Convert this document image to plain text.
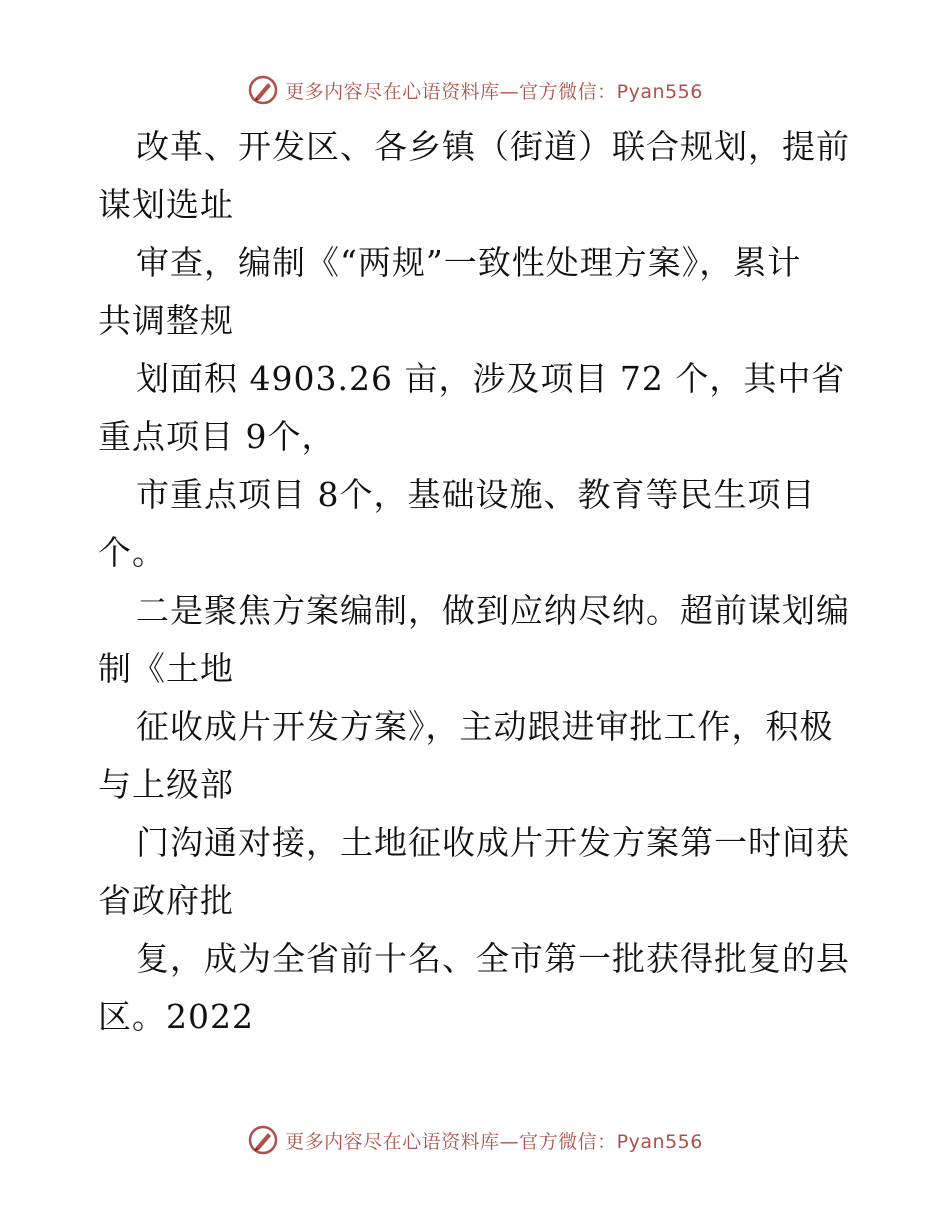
更多内容尽在心语资料库—官方微信：Pyan556
改革、开发区、各乡镇（街道）联合规划，提前
谋划选址
审查，编制《“两规”一致性处理方案》，累计
共调整规
划面积 4903.26 亩，涉及项目 72 个，其中省
重点项目 9个，
市重点项目 8个，基础设施、教育等民生项目
个。
二是聚焦方案编制，做到应纳尽纳。超前谋划编
制《土地
征收成片开发方案》，主动跟进审批工作，积极
与上级部
门沟通对接，土地征收成片开发方案第一时间获
省政府批
复，成为全省前十名、全市第一批获得批复的县
区。2022
更多内容尽在心语资料库—官方微信：Pyan556
